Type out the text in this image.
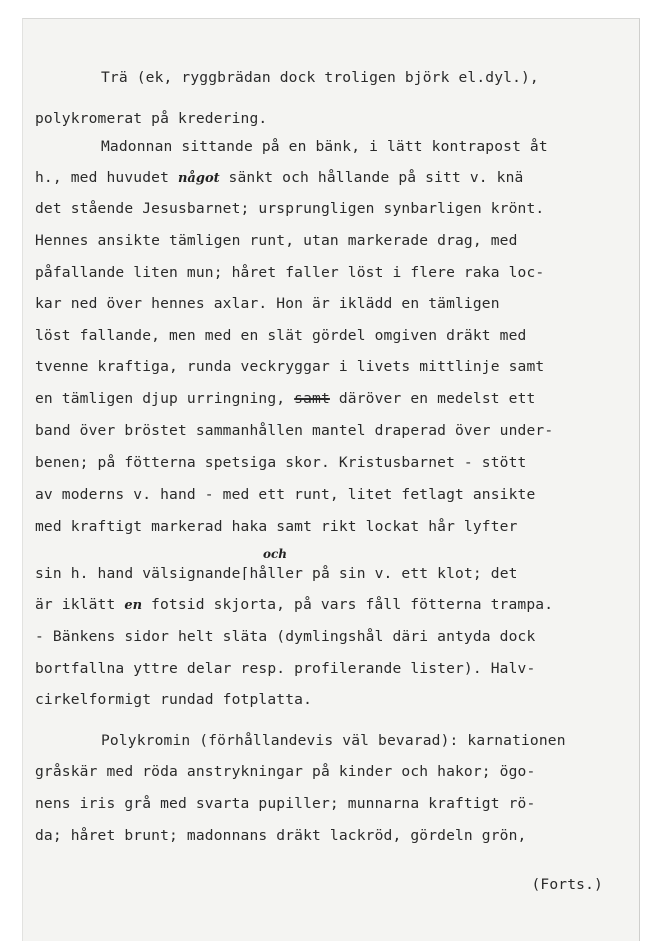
Trä (ek, ryggbrädan dock troligen björk el.dyl.),
polykromerat på kredering.
Madonnan sittande på en bänk, i lätt kontrapost åt
h., med huvudet något sänkt och hållande på sitt v. knä
det stående Jesusbarnet; ursprungligen synbarligen krönt.
Hennes ansikte tämligen runt, utan markerade drag, med
påfallande liten mun; håret faller löst i flere raka loc-
kar ned över hennes axlar. Hon är iklädd en tämligen
löst fallande, men med en slät gördel omgiven dräkt med
tvenne kraftiga, runda veckryggar i livets mittlinje samt
en tämligen djup urringning, samt däröver en medelst ett
band över bröstet sammanhållen mantel draperad över under-
benen; på fötterna spetsiga skor. Kristusbarnet - stött
av moderns v. hand - med ett runt, litet fetlagt ansikte
med kraftigt markerad haka samt rikt lockat hår lyfter
och
sin h. hand välsignande⌈håller på sin v. ett klot; det
är iklätt en fotsid skjorta, på vars fåll fötterna trampa.
- Bänkens sidor helt släta (dymlingshål däri antyda dock
bortfallna yttre delar resp. profilerande lister). Halv-
cirkelformigt rundad fotplatta.
Polykromin (förhållandevis väl bevarad): karnationen
gråskär med röda anstrykningar på kinder och hakor; ögo-
nens iris grå med svarta pupiller; munnarna kraftigt rö-
da; håret brunt; madonnans dräkt lackröd, gördeln grön,
(Forts.)
